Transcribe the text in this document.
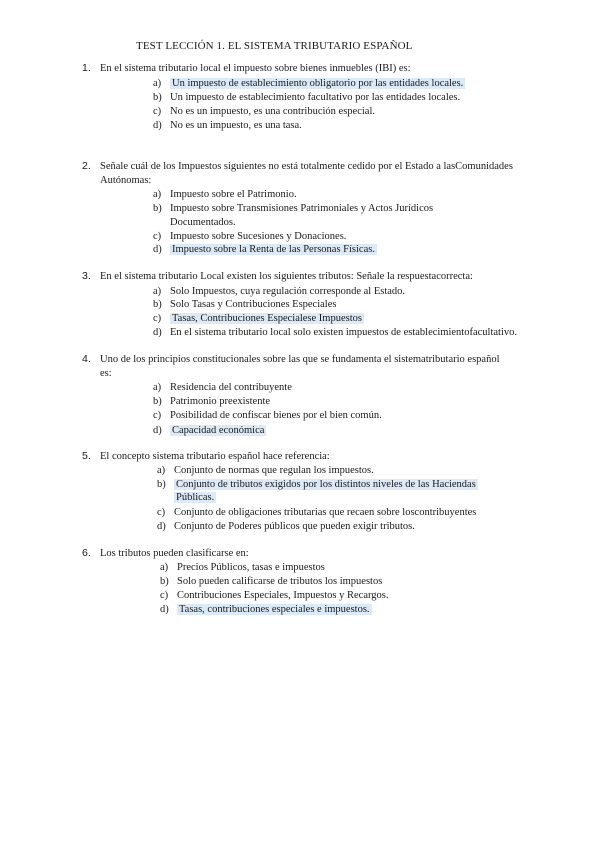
TEST LECCIÓN 1. EL SISTEMA TRIBUTARIO ESPAÑOL
1. En el sistema tributario local el impuesto sobre bienes inmuebles (IBI) es:
a) Un impuesto de establecimiento obligatorio por las entidades locales.
b) Un impuesto de establecimiento facultativo por las entidades locales.
c) No es un impuesto, es una contribución especial.
d) No es un impuesto, es una tasa.
2. Señale cuál de los Impuestos siguientes no está totalmente cedido por el Estado a lasComunidades Autónomas:
a) Impuesto sobre el Patrimonio.
b) Impuesto sobre Transmisiones Patrimoniales y Actos Jurídicos
Documentados.
c) Impuesto sobre Sucesiones y Donaciones.
d) Impuesto sobre la Renta de las Personas Físicas.
3. En el sistema tributario Local existen los siguientes tributos: Señale la respuestacorrecta:
a) Solo Impuestos, cuya regulación corresponde al Estado.
b) Solo Tasas y Contribuciones Especiales
c) Tasas, Contribuciones Especialese Impuestos
d) En el sistema tributario local solo existen impuestos de establecimientofacultativo.
4. Uno de los principios constitucionales sobre las que se fundamenta el sistematributario español es:
a) Residencia del contribuyente
b) Patrimonio preexistente
c) Posibilidad de confiscar bienes por el bien común.
d) Capacidad económica
5. El concepto sistema tributario español hace referencia:
a) Conjunto de normas que regulan los impuestos.
b) Conjunto de tributos exigidos por los distintos niveles de las Haciendas
Públicas.
c) Conjunto de obligaciones tributarias que recaen sobre loscontribuyentes
d) Conjunto de Poderes públicos que pueden exigir tributos.
6. Los tributos pueden clasificarse en:
a) Precios Públicos, tasas e impuestos
b) Solo pueden calificarse de tributos los impuestos
c) Contribuciones Especiales, Impuestos y Recargos.
d) Tasas, contribuciones especiales e impuestos.
